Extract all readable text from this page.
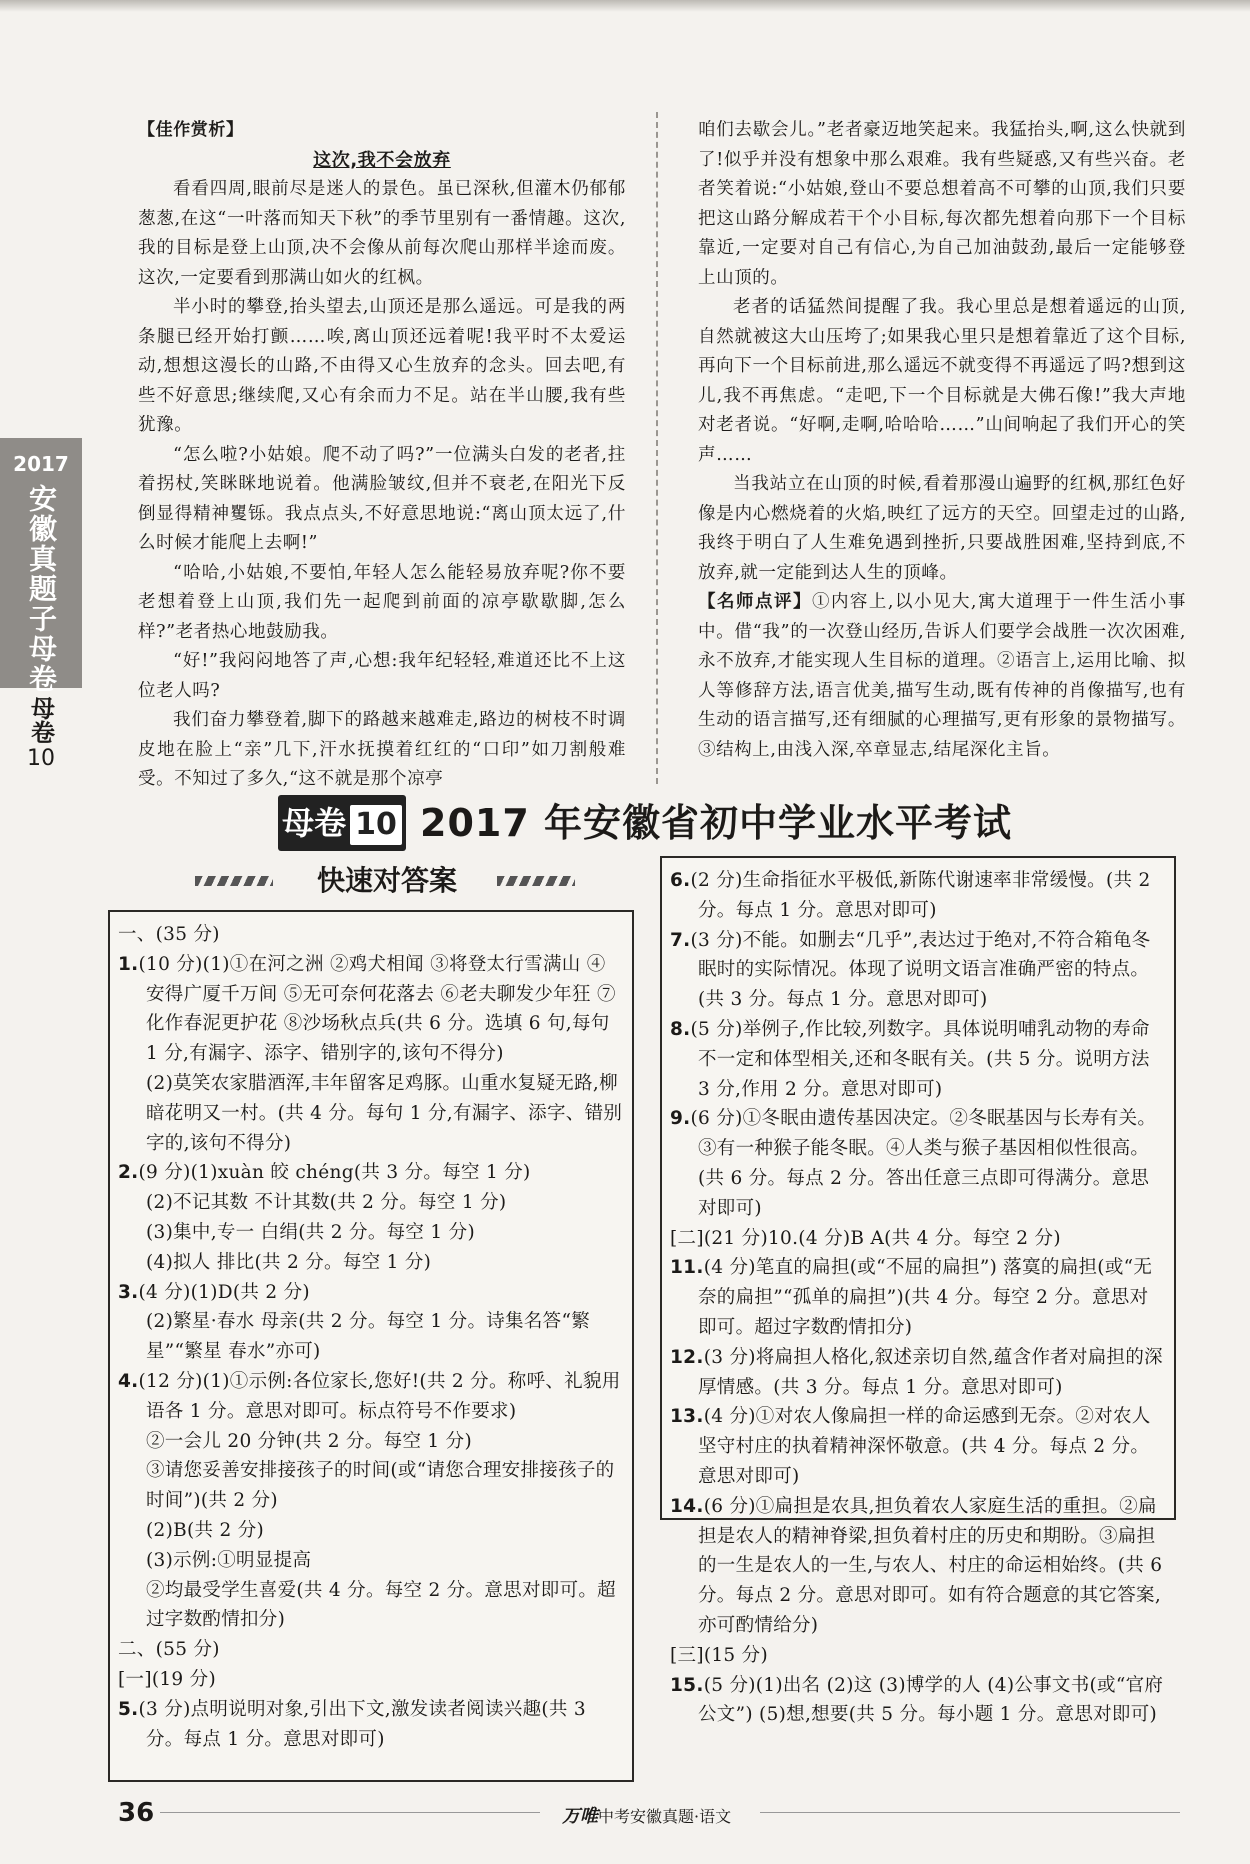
2017
安徽真题子母卷
母卷
10

【佳作赏析】

这次,我不会放弃

看看四周,眼前尽是迷人的景色。虽已深秋,但灌木仍郁郁葱葱,在这“一叶落而知天下秋”的季节里别有一番情趣。这次,我的目标是登上山顶,决不会像从前每次爬山那样半途而废。这次,一定要看到那满山如火的红枫。

半小时的攀登,抬头望去,山顶还是那么遥远。可是我的两条腿已经开始打颤……唉,离山顶还远着呢!我平时不太爱运动,想想这漫长的山路,不由得又心生放弃的念头。回去吧,有些不好意思;继续爬,又心有余而力不足。站在半山腰,我有些犹豫。

“怎么啦?小姑娘。爬不动了吗?”一位满头白发的老者,拄着拐杖,笑眯眯地说着。他满脸皱纹,但并不衰老,在阳光下反倒显得精神矍铄。我点点头,不好意思地说:“离山顶太远了,什么时候才能爬上去啊!”

“哈哈,小姑娘,不要怕,年轻人怎么能轻易放弃呢?你不要老想着登上山顶,我们先一起爬到前面的凉亭歇歇脚,怎么样?”老者热心地鼓励我。

“好!”我闷闷地答了声,心想:我年纪轻轻,难道还比不上这位老人吗?

我们奋力攀登着,脚下的路越来越难走,路边的树枝不时调皮地在脸上“亲”几下,汗水抚摸着红红的“口印”如刀割般难受。不知过了多久,“这不就是那个凉亭

咱们去歇会儿。”老者豪迈地笑起来。我猛抬头,啊,这么快就到了!似乎并没有想象中那么艰难。我有些疑惑,又有些兴奋。老者笑着说:“小姑娘,登山不要总想着高不可攀的山顶,我们只要把这山路分解成若干个小目标,每次都先想着向那下一个目标靠近,一定要对自己有信心,为自己加油鼓劲,最后一定能够登上山顶的。

老者的话猛然间提醒了我。我心里总是想着遥远的山顶,自然就被这大山压垮了;如果我心里只是想着靠近了这个目标,再向下一个目标前进,那么遥远不就变得不再遥远了吗?想到这儿,我不再焦虑。“走吧,下一个目标就是大佛石像!”我大声地对老者说。“好啊,走啊,哈哈哈……”山间响起了我们开心的笑声……

当我站立在山顶的时候,看着那漫山遍野的红枫,那红色好像是内心燃烧着的火焰,映红了远方的天空。回望走过的山路,我终于明白了人生难免遇到挫折,只要战胜困难,坚持到底,不放弃,就一定能到达人生的顶峰。

【名师点评】①内容上,以小见大,寓大道理于一件生活小事中。借“我”的一次登山经历,告诉人们要学会战胜一次次困难,永不放弃,才能实现人生目标的道理。②语言上,运用比喻、拟人等修辞方法,语言优美,描写生动,既有传神的肖像描写,也有生动的语言描写,还有细腻的心理描写,更有形象的景物描写。③结构上,由浅入深,卒章显志,结尾深化主旨。

母卷 10 2017 年安徽省初中学业水平考试
快速对答案

一、(35 分)

1.(10 分)(1)①在河之洲 ②鸡犬相闻 ③将登太行雪满山 ④安得广厦千万间 ⑤无可奈何花落去 ⑥老夫聊发少年狂 ⑦化作春泥更护花 ⑧沙场秋点兵(共 6 分。选填 6 句,每句 1 分,有漏字、添字、错别字的,该句不得分)

(2)莫笑农家腊酒浑,丰年留客足鸡豚。山重水复疑无路,柳暗花明又一村。(共 4 分。每句 1 分,有漏字、添字、错别字的,该句不得分)

2.(9 分)(1)xuàn 皎 chéng(共 3 分。每空 1 分)

(2)不记其数 不计其数(共 2 分。每空 1 分)

(3)集中,专一 白绢(共 2 分。每空 1 分)

(4)拟人 排比(共 2 分。每空 1 分)

3.(4 分)(1)D(共 2 分)

(2)繁星·春水 母亲(共 2 分。每空 1 分。诗集名答“繁星”“繁星 春水”亦可)

4.(12 分)(1)①示例:各位家长,您好!(共 2 分。称呼、礼貌用语各 1 分。意思对即可。标点符号不作要求)

②一会儿 20 分钟(共 2 分。每空 1 分)

③请您妥善安排接孩子的时间(或“请您合理安排接孩子的时间”)(共 2 分)

(2)B(共 2 分)

(3)示例:①明显提高

②均最受学生喜爱(共 4 分。每空 2 分。意思对即可。超过字数酌情扣分)

二、(55 分)

[一](19 分)

5.(3 分)点明说明对象,引出下文,激发读者阅读兴趣(共 3 分。每点 1 分。意思对即可)

6.(2 分)生命指征水平极低,新陈代谢速率非常缓慢。(共 2 分。每点 1 分。意思对即可)

7.(3 分)不能。如删去“几乎”,表达过于绝对,不符合箱龟冬眠时的实际情况。体现了说明文语言准确严密的特点。(共 3 分。每点 1 分。意思对即可)

8.(5 分)举例子,作比较,列数字。具体说明哺乳动物的寿命不一定和体型相关,还和冬眠有关。(共 5 分。说明方法 3 分,作用 2 分。意思对即可)

9.(6 分)①冬眠由遗传基因决定。②冬眠基因与长寿有关。③有一种猴子能冬眠。④人类与猴子基因相似性很高。(共 6 分。每点 2 分。答出任意三点即可得满分。意思对即可)

[二](21 分)10.(4 分)B A(共 4 分。每空 2 分)

11.(4 分)笔直的扁担(或“不屈的扁担”) 落寞的扁担(或“无奈的扁担”“孤单的扁担”)(共 4 分。每空 2 分。意思对即可。超过字数酌情扣分)

12.(3 分)将扁担人格化,叙述亲切自然,蕴含作者对扁担的深厚情感。(共 3 分。每点 1 分。意思对即可)

13.(4 分)①对农人像扁担一样的命运感到无奈。②对农人坚守村庄的执着精神深怀敬意。(共 4 分。每点 2 分。意思对即可)

14.(6 分)①扁担是农具,担负着农人家庭生活的重担。②扁担是农人的精神脊梁,担负着村庄的历史和期盼。③扁担的一生是农人的一生,与农人、村庄的命运相始终。(共 6 分。每点 2 分。意思对即可。如有符合题意的其它答案,亦可酌情给分)

[三](15 分)

15.(5 分)(1)出名 (2)这 (3)博学的人 (4)公事文书(或“官府公文”) (5)想,想要(共 5 分。每小题 1 分。意思对即可)

36	万唯中考安徽真题·语文
